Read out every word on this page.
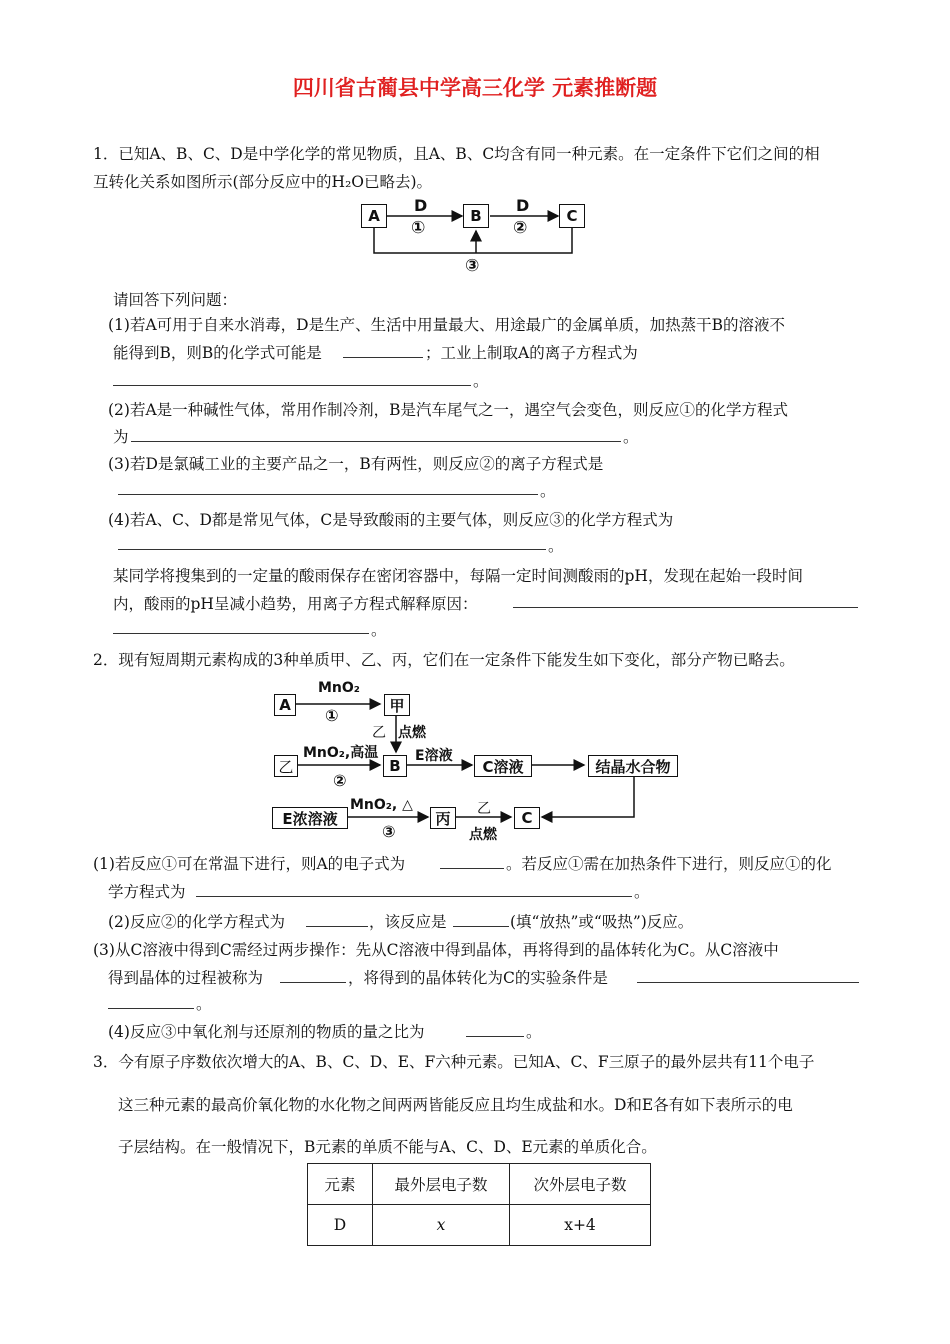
四川省古蔺县中学高三化学 元素推断题
1．已知A、B、C、D是中学化学的常见物质，且A、B、C均含有同一种元素。在一定条件下它们之间的相
互转化关系如图所示(部分反应中的H₂O已略去)。
A	B	C
D	D
①	②
③
请回答下列问题：
(1)若A可用于自来水消毒，D是生产、生活中用量最大、用途最广的金属单质，加热蒸干B的溶液不
能得到B，则B的化学式可能是	；工业上制取A的离子方程式为
。
(2)若A是一种碱性气体，常用作制冷剂，B是汽车尾气之一，遇空气会变色，则反应①的化学方程式
为	。
(3)若D是氯碱工业的主要产品之一，B有两性，则反应②的离子方程式是
。
(4)若A、C、D都是常见气体，C是导致酸雨的主要气体，则反应③的化学方程式为
。
某同学将搜集到的一定量的酸雨保存在密闭容器中，每隔一定时间测酸雨的pH，发现在起始一段时间
内，酸雨的pH呈减小趋势，用离子方程式解释原因：
。
2．现有短周期元素构成的3种单质甲、乙、丙，它们在一定条件下能发生如下变化，部分产物已略去。
A	甲
MnO₂
①
乙 点燃
乙
MnO₂,高温
②
B
E溶液
C溶液	结晶水合物
E浓溶液
MnO₂, △
③
丙
乙
点燃
C
(1)若反应①可在常温下进行，则A的电子式为	。若反应①需在加热条件下进行，则反应①的化
学方程式为	。
(2)反应②的化学方程式为	，该反应是	(填“放热”或“吸热”)反应。
(3)从C溶液中得到C需经过两步操作：先从C溶液中得到晶体，再将得到的晶体转化为C。从C溶液中
得到晶体的过程被称为	，将得到的晶体转化为C的实验条件是
。
(4)反应③中氧化剂与还原剂的物质的量之比为	。
3．今有原子序数依次增大的A、B、C、D、E、F六种元素。已知A、C、F三原子的最外层共有11个电子
这三种元素的最高价氧化物的水化物之间两两皆能反应且均生成盐和水。D和E各有如下表所示的电
子层结构。在一般情况下，B元素的单质不能与A、C、D、E元素的单质化合。
元素	最外层电子数	次外层电子数
D	x	x+4
